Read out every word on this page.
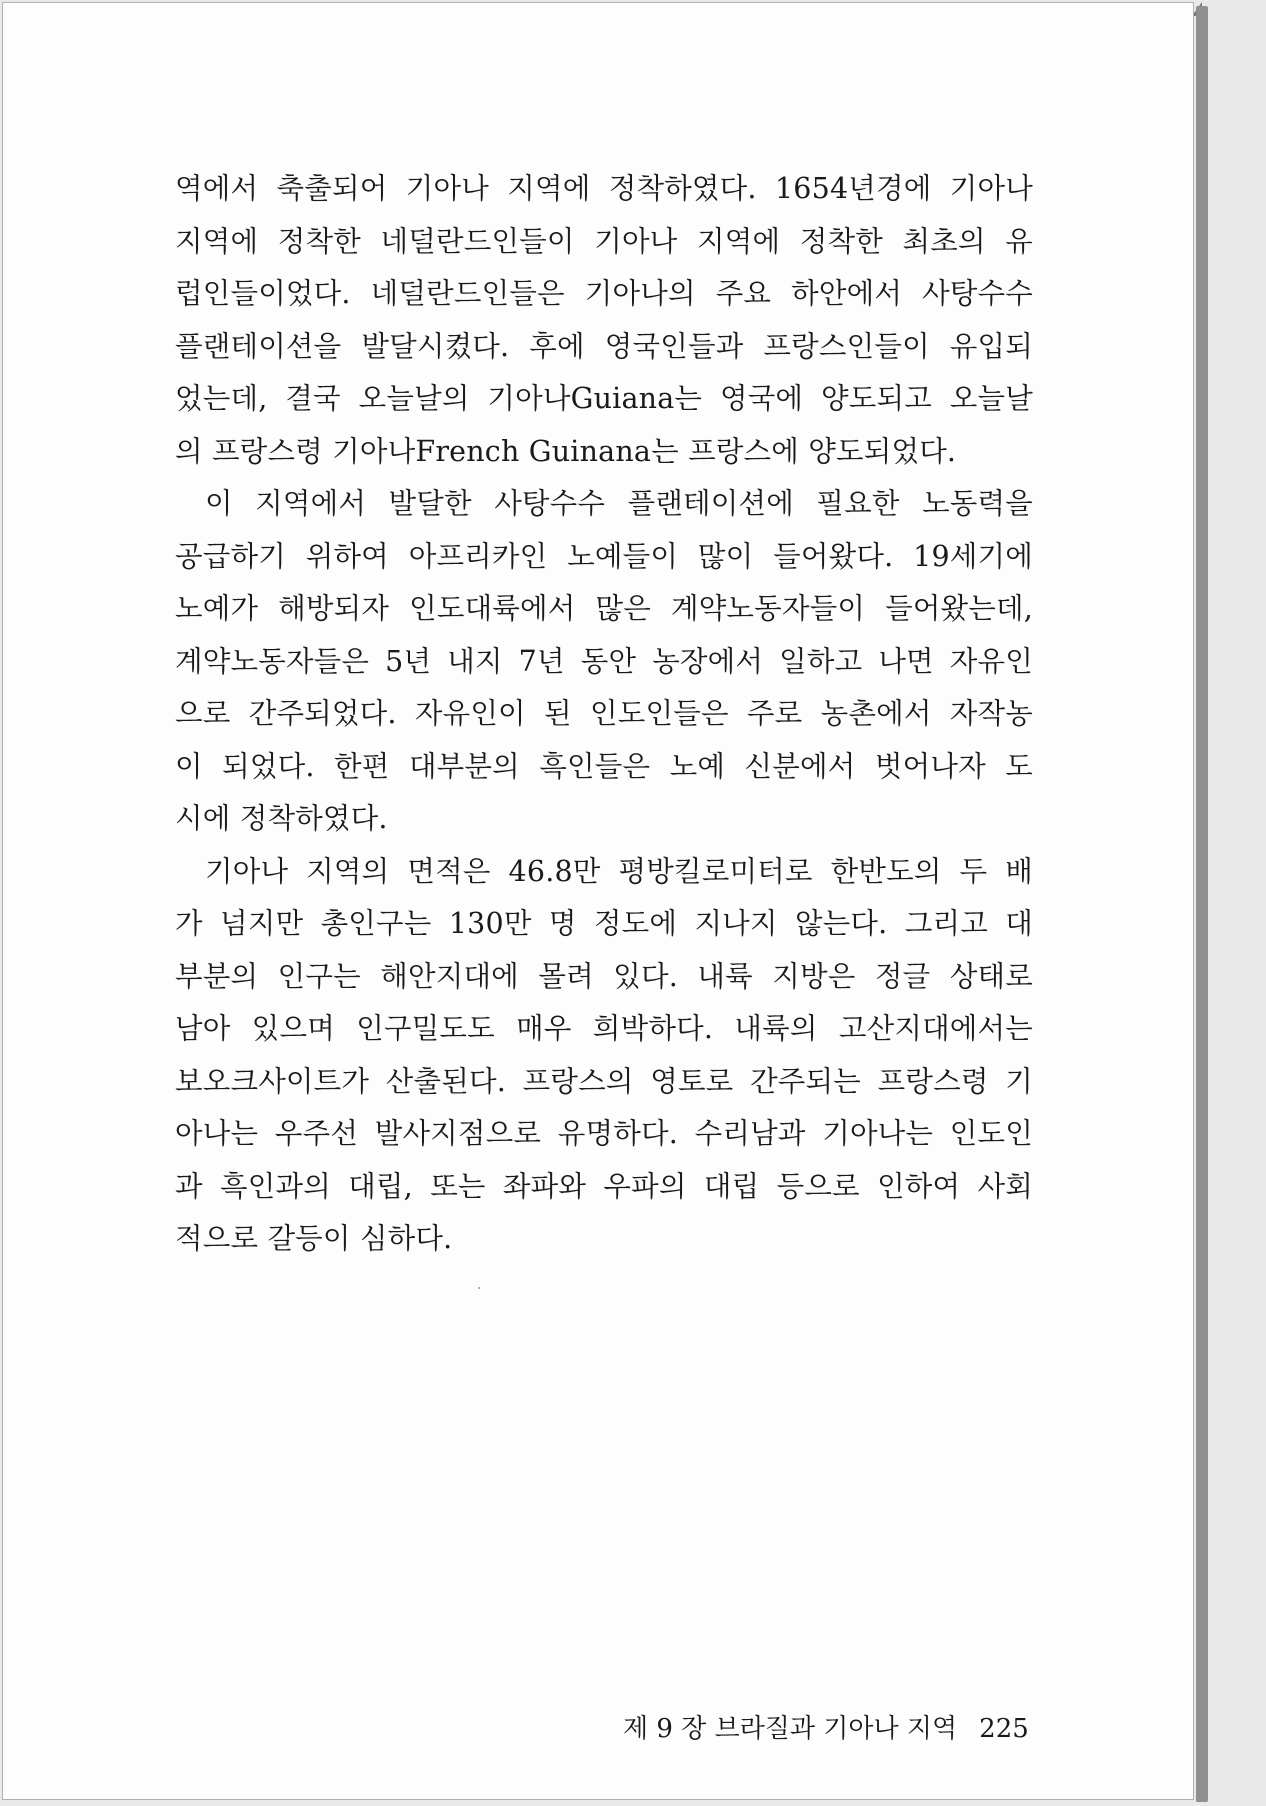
역에서 축출되어 기아나 지역에 정착하였다. 1654년경에 기아나
지역에 정착한 네덜란드인들이 기아나 지역에 정착한 최초의 유
럽인들이었다. 네덜란드인들은 기아나의 주요 하안에서 사탕수수
플랜테이션을 발달시켰다. 후에 영국인들과 프랑스인들이 유입되
었는데, 결국 오늘날의 기아나Guiana는 영국에 양도되고 오늘날
의 프랑스령 기아나French Guinana는 프랑스에 양도되었다.
이 지역에서 발달한 사탕수수 플랜테이션에 필요한 노동력을
공급하기 위하여 아프리카인 노예들이 많이 들어왔다. 19세기에
노예가 해방되자 인도대륙에서 많은 계약노동자들이 들어왔는데,
계약노동자들은 5년 내지 7년 동안 농장에서 일하고 나면 자유인
으로 간주되었다. 자유인이 된 인도인들은 주로 농촌에서 자작농
이 되었다. 한편 대부분의 흑인들은 노예 신분에서 벗어나자 도
시에 정착하였다.
기아나 지역의 면적은 46.8만 평방킬로미터로 한반도의 두 배
가 넘지만 총인구는 130만 명 정도에 지나지 않는다. 그리고 대
부분의 인구는 해안지대에 몰려 있다. 내륙 지방은 정글 상태로
남아 있으며 인구밀도도 매우 희박하다. 내륙의 고산지대에서는
보오크사이트가 산출된다. 프랑스의 영토로 간주되는 프랑스령 기
아나는 우주선 발사지점으로 유명하다. 수리남과 기아나는 인도인
과 흑인과의 대립, 또는 좌파와 우파의 대립 등으로 인하여 사회
적으로 갈등이 심하다.
제 9 장 브라질과 기아나 지역 225
